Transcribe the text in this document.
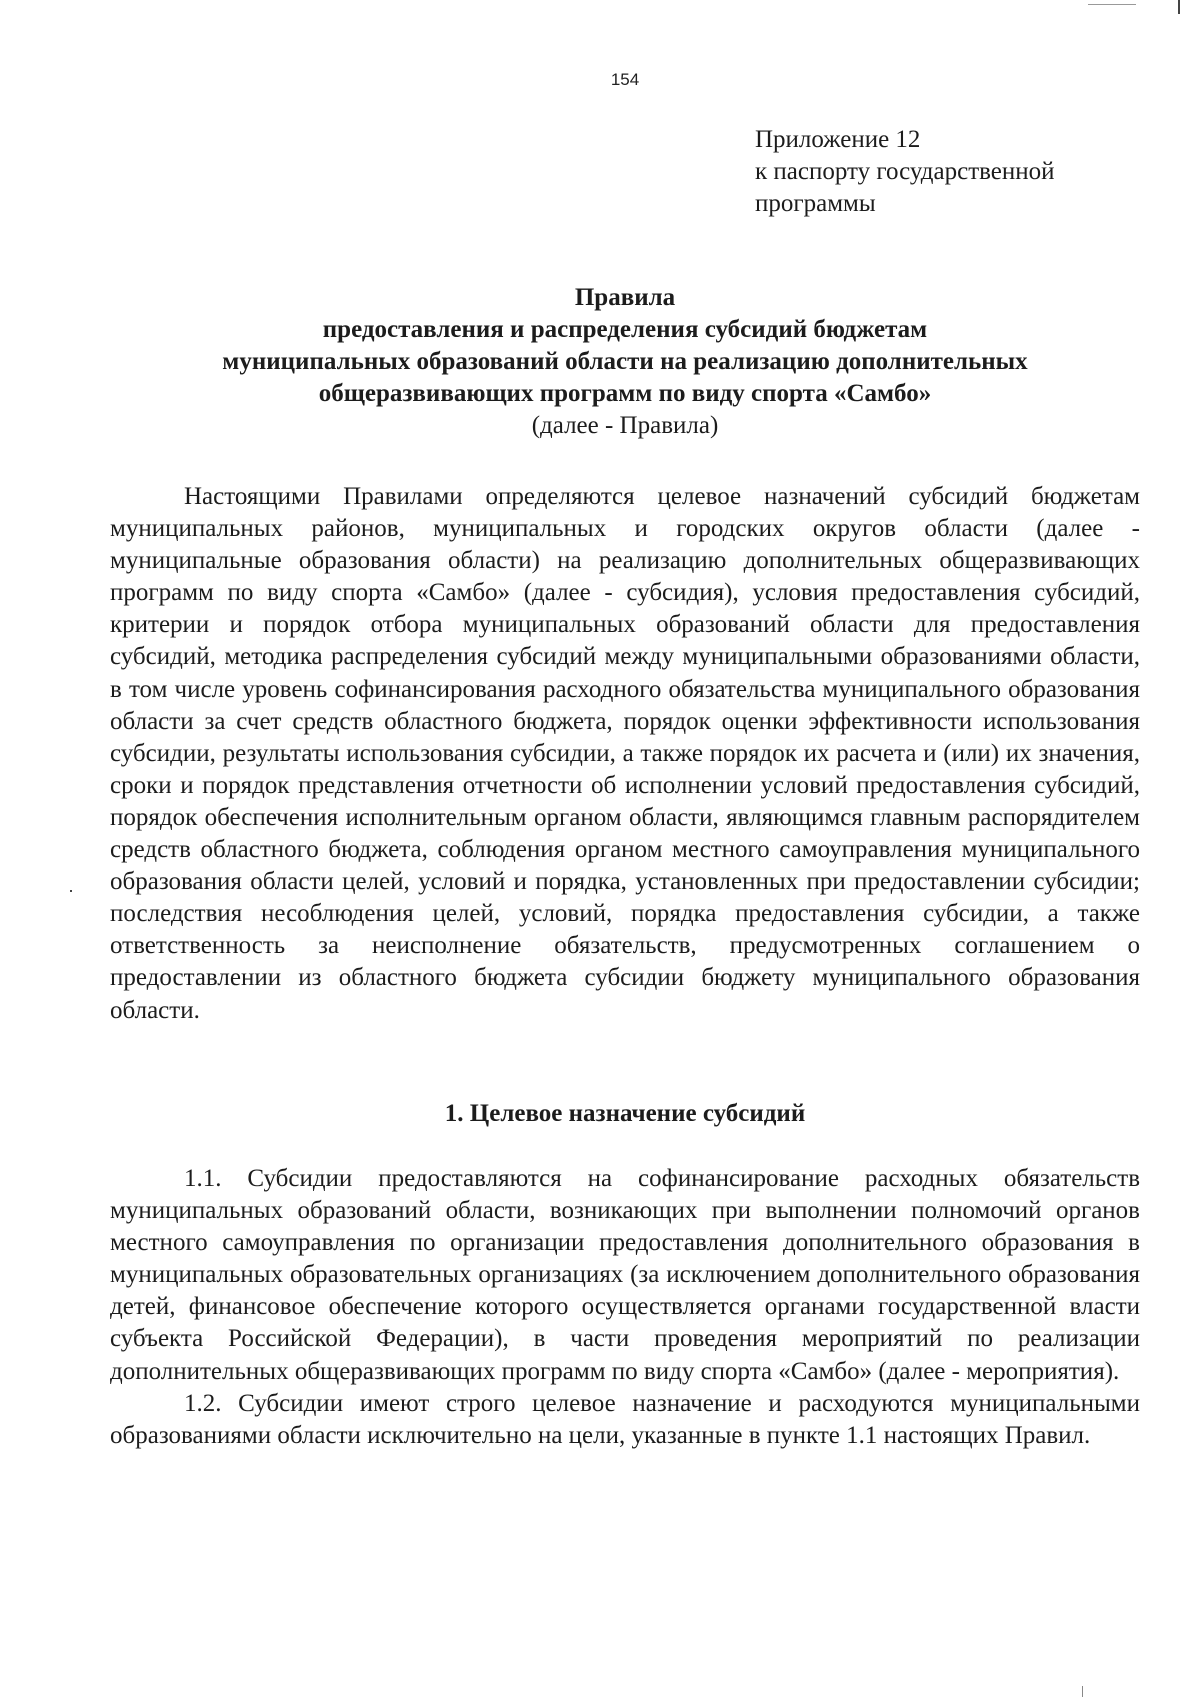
154
Приложение 12
к паспорту государственной
программы
Правила
предоставления и распределения субсидий бюджетам
муниципальных образований области на реализацию дополнительных
общеразвивающих программ по виду спорта «Самбо»
(далее - Правила)

Настоящими Правилами определяются целевое назначений субсидий бюджетам муниципальных районов, муниципальных и городских округов области (далее - муниципальные образования области) на реализацию дополнительных общеразвивающих программ по виду спорта «Самбо» (далее - субсидия), условия предоставления субсидий, критерии и порядок отбора муниципальных образований области для предоставления субсидий, методика распределения субсидий между муниципальными образованиями области, в том числе уровень софинансирования расходного обязательства муниципального образования области за счет средств областного бюджета, порядок оценки эффективности использования субсидии, результаты использования субсидии, а также порядок их расчета и (или) их значения, сроки и порядок представления отчетности об исполнении условий предоставления субсидий, порядок обеспечения исполнительным органом области, являющимся главным распорядителем средств областного бюджета, соблюдения органом местного самоуправления муниципального образования области целей, условий и порядка, установленных при предоставлении субсидии; последствия несоблюдения целей, условий, порядка предоставления субсидии, а также ответственность за неисполнение обязательств, предусмотренных соглашением о предоставлении из областного бюджета субсидии бюджету муниципального образования области.

1. Целевое назначение субсидий

1.1. Субсидии предоставляются на софинансирование расходных обязательств муниципальных образований области, возникающих при выполнении полномочий органов местного самоуправления по организации предоставления дополнительного образования в муниципальных образовательных организациях (за исключением дополнительного образования детей, финансовое обеспечение которого осуществляется органами государственной власти субъекта Российской Федерации), в части проведения мероприятий по реализации дополнительных общеразвивающих программ по виду спорта «Самбо» (далее - мероприятия).

1.2. Субсидии имеют строго целевое назначение и расходуются муниципальными образованиями области исключительно на цели, указанные в пункте 1.1 настоящих Правил.
